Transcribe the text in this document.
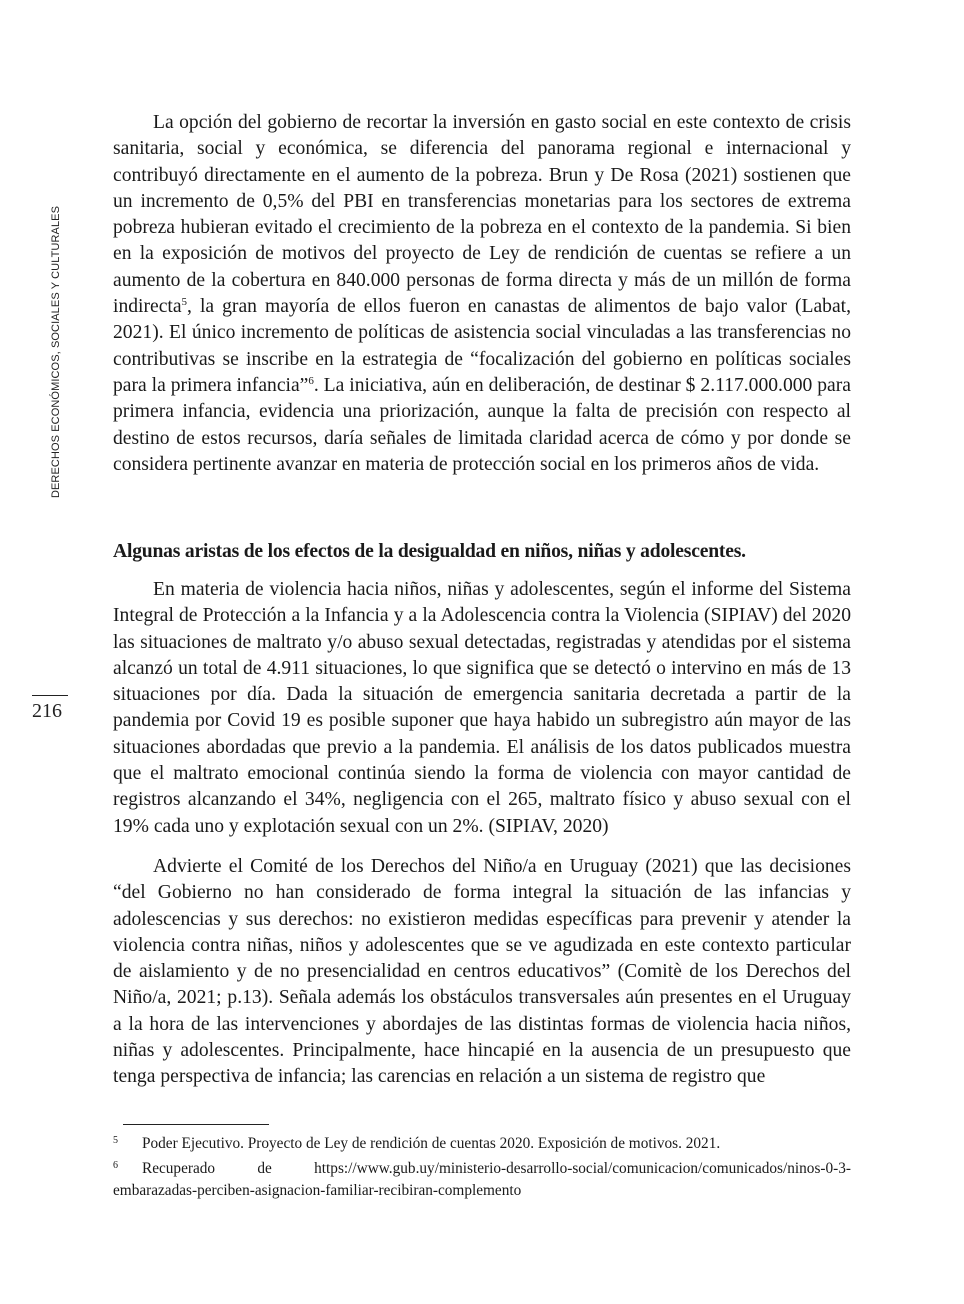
DERECHOS ECONÓMICOS, SOCIALES Y CULTURALES
216

La opción del gobierno de recortar la inversión en gasto social en este contexto de crisis sanitaria, social y económica, se diferencia del panorama regional e internacional y contribuyó directamente en el aumento de la pobreza. Brun y De Rosa (2021) sostienen que un incremento de 0,5% del PBI en transferencias monetarias para los sectores de extrema pobreza hubieran evitado el crecimiento de la pobreza en el contexto de la pandemia. Si bien en la exposición de motivos del proyecto de Ley de rendición de cuentas se refiere a un aumento de la cobertura en 840.000 personas de forma directa y más de un millón de forma indirecta$^5$, la gran mayoría de ellos fueron en canastas de alimentos de bajo valor (Labat, 2021). El único incremento de políticas de asistencia social vinculadas a las transferencias no contributivas se inscribe en la estrategia de “focalización del gobierno en políticas sociales para la primera infancia”$^6$. La iniciativa, aún en deliberación, de destinar $ 2.117.000.000 para primera infancia, evidencia una priorización, aunque la falta de precisión con respecto al destino de estos recursos, daría señales de limitada claridad acerca de cómo y por donde se considera pertinente avanzar en materia de protección social en los primeros años de vida.

Algunas aristas de los efectos de la desigualdad en niños, niñas y adolescentes.

En materia de violencia hacia niños, niñas y adolescentes, según el informe del Sistema Integral de Protección a la Infancia y a la Adolescencia contra la Violencia (SIPIAV) del 2020 las situaciones de maltrato y/o abuso sexual detectadas, registradas y atendidas por el sistema alcanzó un total de 4.911 situaciones, lo que significa que se detectó o intervino en más de 13 situaciones por día. Dada la situación de emergencia sanitaria decretada a partir de la pandemia por Covid 19 es posible suponer que haya habido un subregistro aún mayor de las situaciones abordadas que previo a la pandemia. El análisis de los datos publicados muestra que el maltrato emocional continúa siendo la forma de violencia con mayor cantidad de registros alcanzando el 34%, negligencia con el 265, maltrato físico y abuso sexual con el 19% cada uno y explotación sexual con un 2%. (SIPIAV, 2020)

Advierte el Comité de los Derechos del Niño/a en Uruguay (2021) que las decisiones “del Gobierno no han considerado de forma integral la situación de las infancias y adolescencias y sus derechos: no existieron medidas específicas para prevenir y atender la violencia contra niñas, niños y adolescentes que se ve agudizada en este contexto particular de aislamiento y de no presencialidad en centros educativos” (Comitè de los Derechos del Niño/a, 2021; p.13). Señala además los obstáculos transversales aún presentes en el Uruguay a la hora de las intervenciones y abordajes de las distintas formas de violencia hacia niños, niñas y adolescentes. Principalmente, hace hincapié en la ausencia de un presupuesto que tenga perspectiva de infancia; las carencias en relación a un sistema de registro que

5 Poder Ejecutivo. Proyecto de Ley de rendición de cuentas 2020. Exposición de motivos. 2021.

6 Recuperado de https://www.gub.uy/ministerio-desarrollo-social/comunicacion/comunicados/ninos-0-3-embarazadas-perciben-asignacion-familiar-recibiran-complemento
